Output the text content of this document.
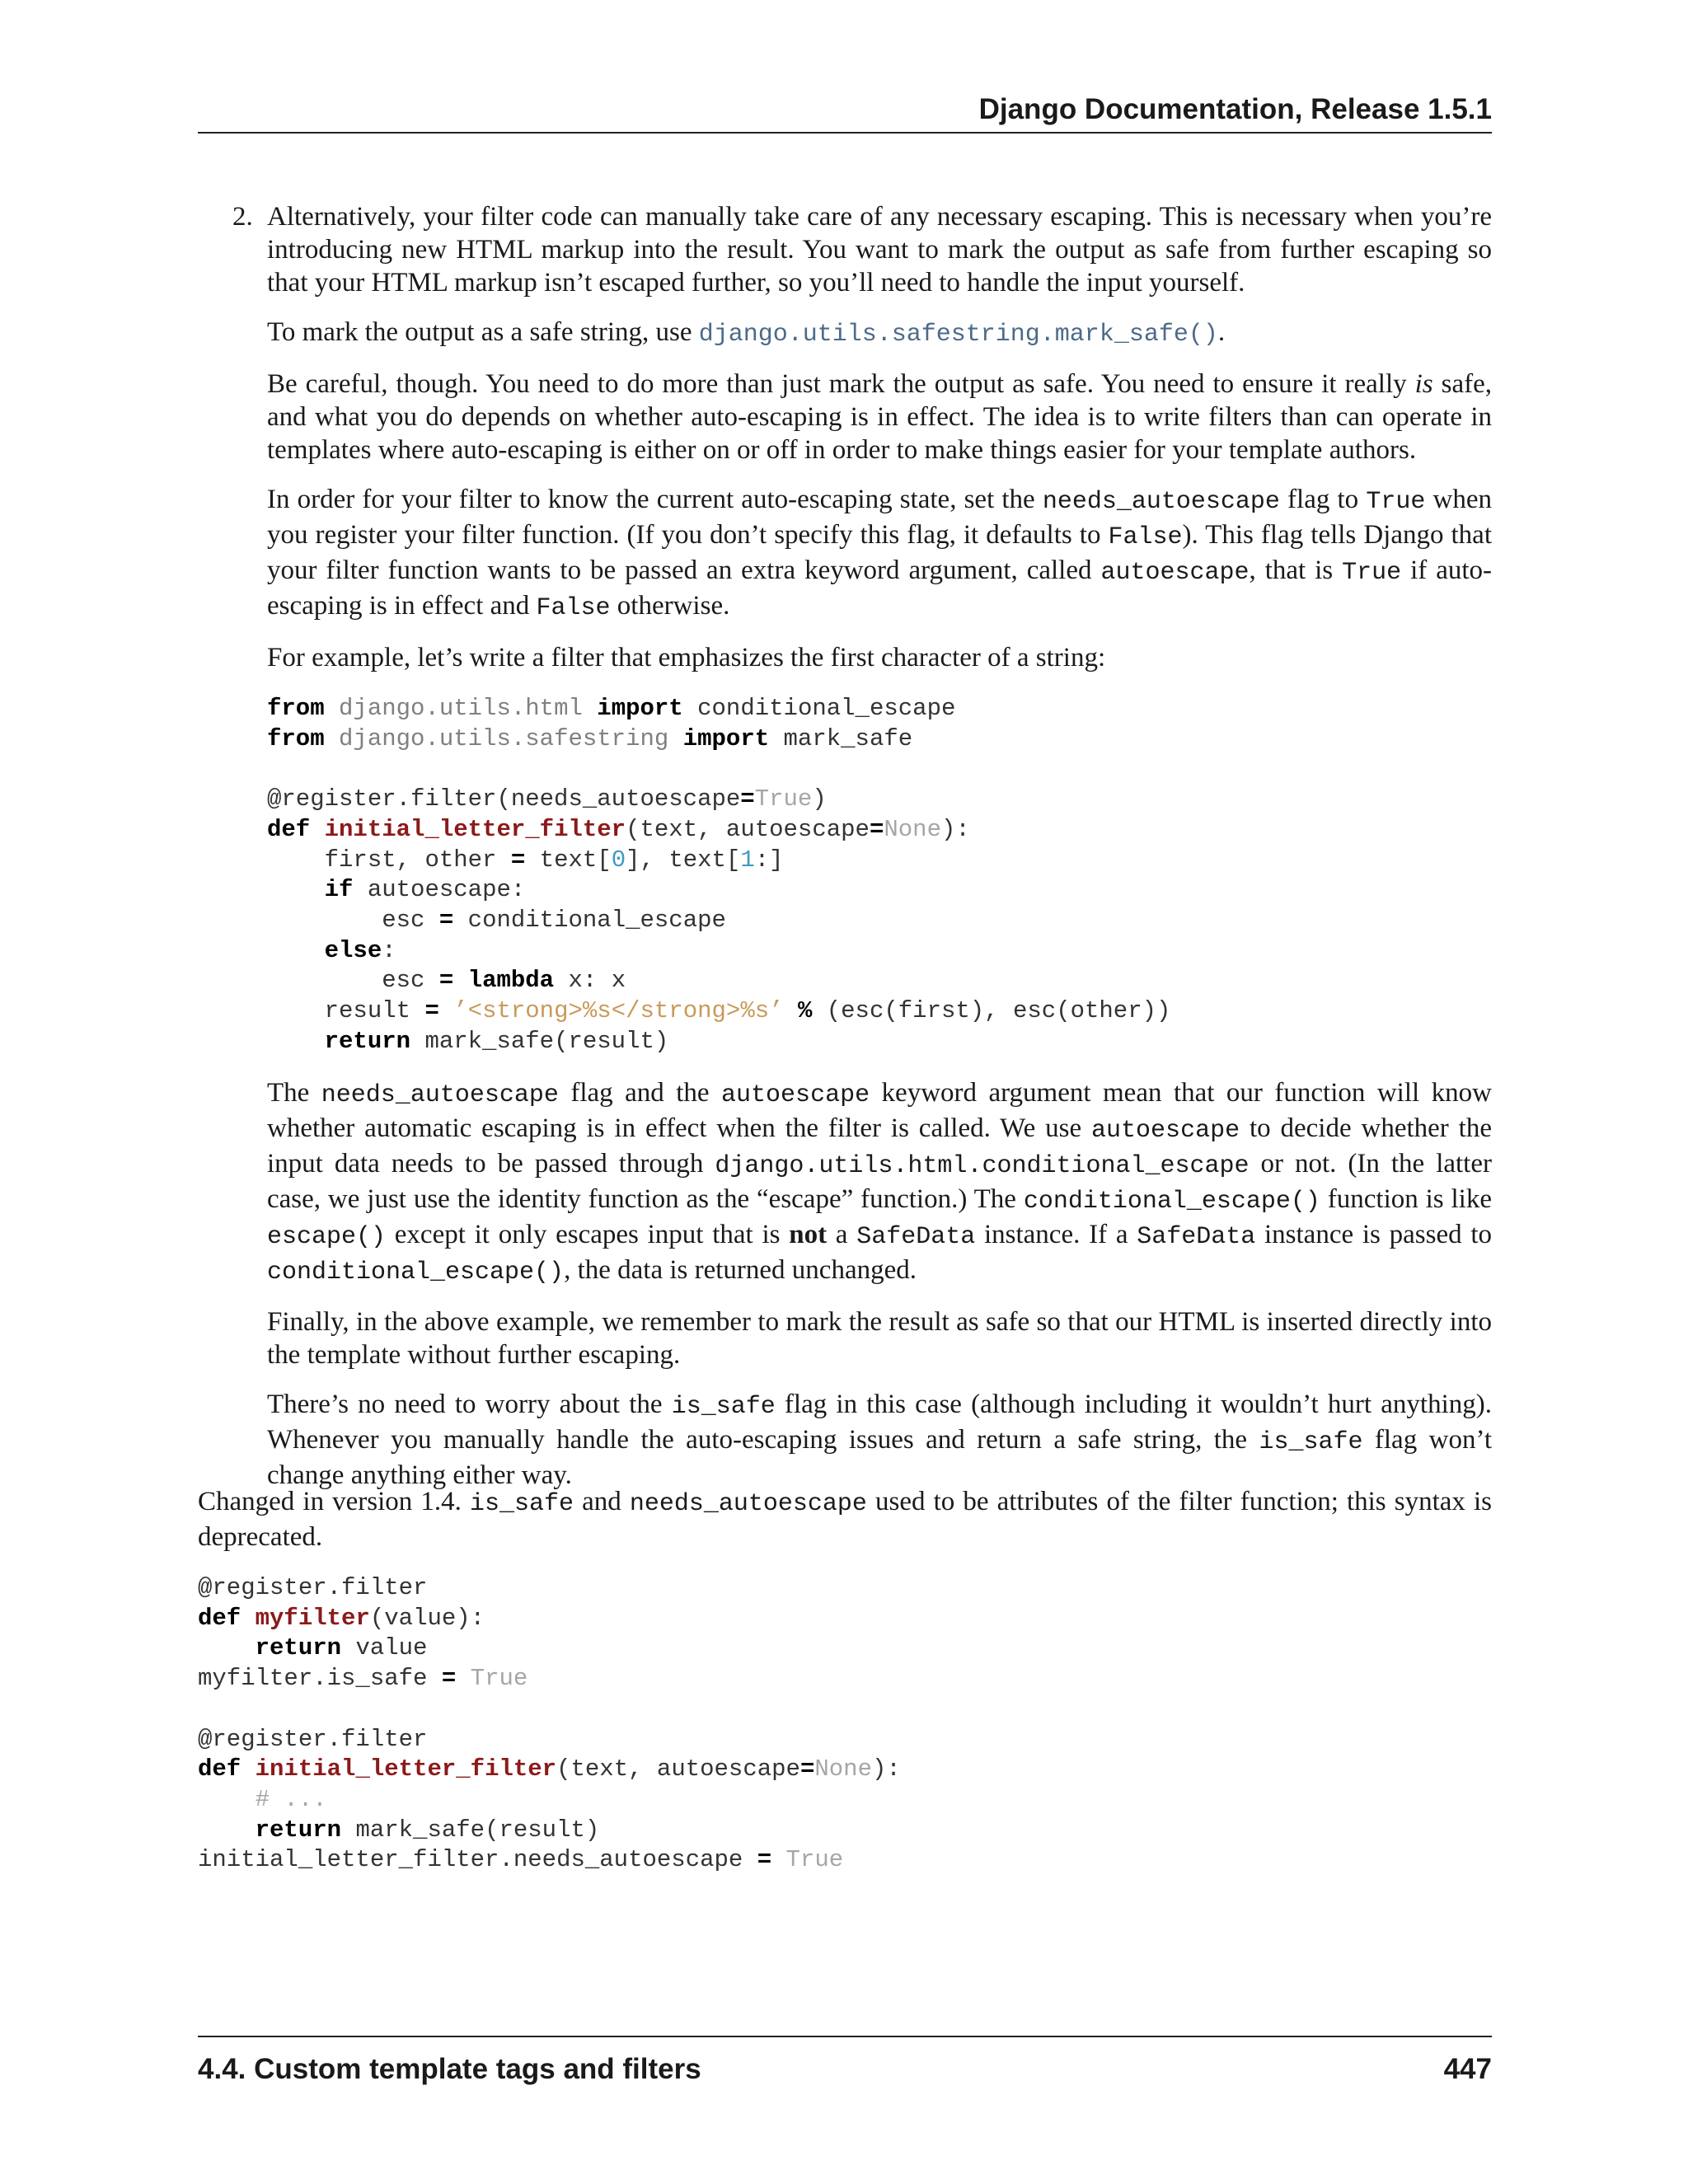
Django Documentation, Release 1.5.1
2. Alternatively, your filter code can manually take care of any necessary escaping. This is necessary when you’re introducing new HTML markup into the result. You want to mark the output as safe from further escaping so that your HTML markup isn’t escaped further, so you’ll need to handle the input yourself.

To mark the output as a safe string, use django.utils.safestring.mark_safe().

Be careful, though. You need to do more than just mark the output as safe. You need to ensure it really is safe, and what you do depends on whether auto-escaping is in effect. The idea is to write filters than can operate in templates where auto-escaping is either on or off in order to make things easier for your template authors.

In order for your filter to know the current auto-escaping state, set the needs_autoescape flag to True when you register your filter function. (If you don’t specify this flag, it defaults to False). This flag tells Django that your filter function wants to be passed an extra keyword argument, called autoescape, that is True if auto-escaping is in effect and False otherwise.

For example, let’s write a filter that emphasizes the first character of a string:

from django.utils.html import conditional_escape
from django.utils.safestring import mark_safe

@register.filter(needs_autoescape=True)
def initial_letter_filter(text, autoescape=None):
first, other = text[0], text[1:]
if autoescape:
esc = conditional_escape
else:
esc = lambda x: x
result = ’<strong>%s</strong>%s’ % (esc(first), esc(other))
return mark_safe(result)

The needs_autoescape flag and the autoescape keyword argument mean that our function will know whether automatic escaping is in effect when the filter is called. We use autoescape to decide whether the input data needs to be passed through django.utils.html.conditional_escape or not. (In the latter case, we just use the identity function as the “escape” function.) The conditional_escape() function is like escape() except it only escapes input that is not a SafeData instance. If a SafeData instance is passed to conditional_escape(), the data is returned unchanged.

Finally, in the above example, we remember to mark the result as safe so that our HTML is inserted directly into the template without further escaping.

There’s no need to worry about the is_safe flag in this case (although including it wouldn’t hurt anything). Whenever you manually handle the auto-escaping issues and return a safe string, the is_safe flag won’t change anything either way.

Changed in version 1.4. is_safe and needs_autoescape used to be attributes of the filter function; this syntax is deprecated.

@register.filter
def myfilter(value):
return value
myfilter.is_safe = True

@register.filter
def initial_letter_filter(text, autoescape=None):
# ...
return mark_safe(result)
initial_letter_filter.needs_autoescape = True
4.4. Custom template tags and filters	447
